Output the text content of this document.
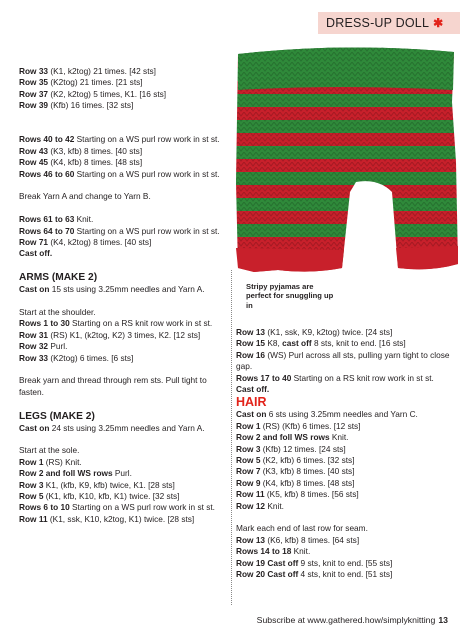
DRESS-UP DOLL ✱
Stripy pyjamas are perfect for snuggling up in

Row 33 (K1, k2tog) 21 times. [42 sts]

Row 35 (K2tog) 21 times. [21 sts]

Row 37 (K2, k2tog) 5 times, K1. [16 sts]

Row 39 (Kfb) 16 times. [32 sts]

Rows 40 to 42 Starting on a WS purl row work in st st.

Row 43 (K3, kfb) 8 times. [40 sts]

Row 45 (K4, kfb) 8 times. [48 sts]

Rows 46 to 60 Starting on a WS purl row work in st st.

Break Yarn A and change to Yarn B.

Rows 61 to 63 Knit.

Rows 64 to 70 Starting on a WS purl row work in st st.

Row 71 (K4, k2tog) 8 times. [40 sts]

Cast off.

ARMS (MAKE 2)

Cast on 15 sts using 3.25mm needles and Yarn A.

Start at the shoulder.

Rows 1 to 30 Starting on a RS knit row work in st st.

Row 31 (RS) K1, (k2tog, K2) 3 times, K2. [12 sts]

Row 32 Purl.

Row 33 (K2tog) 6 times. [6 sts]

Break yarn and thread through rem sts. Pull tight to fasten.

LEGS (MAKE 2)

Cast on 24 sts using 3.25mm needles and Yarn A.

Start at the sole.

Row 1 (RS) Knit.

Row 2 and foll WS rows Purl.

Row 3 K1, (kfb, K9, kfb) twice, K1. [28 sts]

Row 5 (K1, kfb, K10, kfb, K1) twice. [32 sts]

Rows 6 to 10 Starting on a WS purl row work in st st.

Row 11 (K1, ssk, K10, k2tog, K1) twice. [28 sts]

Row 13 (K1, ssk, K9, k2tog) twice. [24 sts]

Row 15 K8, cast off 8 sts, knit to end. [16 sts]

Row 16 (WS) Purl across all sts, pulling yarn tight to close gap.

Rows 17 to 40 Starting on a RS knit row work in st st.

Cast off.

HAIR

Cast on 6 sts using 3.25mm needles and Yarn C.

Row 1 (RS) (Kfb) 6 times. [12 sts]

Row 2 and foll WS rows Knit.

Row 3 (Kfb) 12 times. [24 sts]

Row 5 (K2, kfb) 6 times. [32 sts]

Row 7 (K3, kfb) 8 times. [40 sts]

Row 9 (K4, kfb) 8 times. [48 sts]

Row 11 (K5, kfb) 8 times. [56 sts]

Row 12 Knit.

Mark each end of last row for seam.

Row 13 (K6, kfb) 8 times. [64 sts]

Rows 14 to 18 Knit.

Row 19 Cast off 9 sts, knit to end. [55 sts]

Row 20 Cast off 4 sts, knit to end. [51 sts]

Subscribe at www.gathered.how/simplyknitting 13
